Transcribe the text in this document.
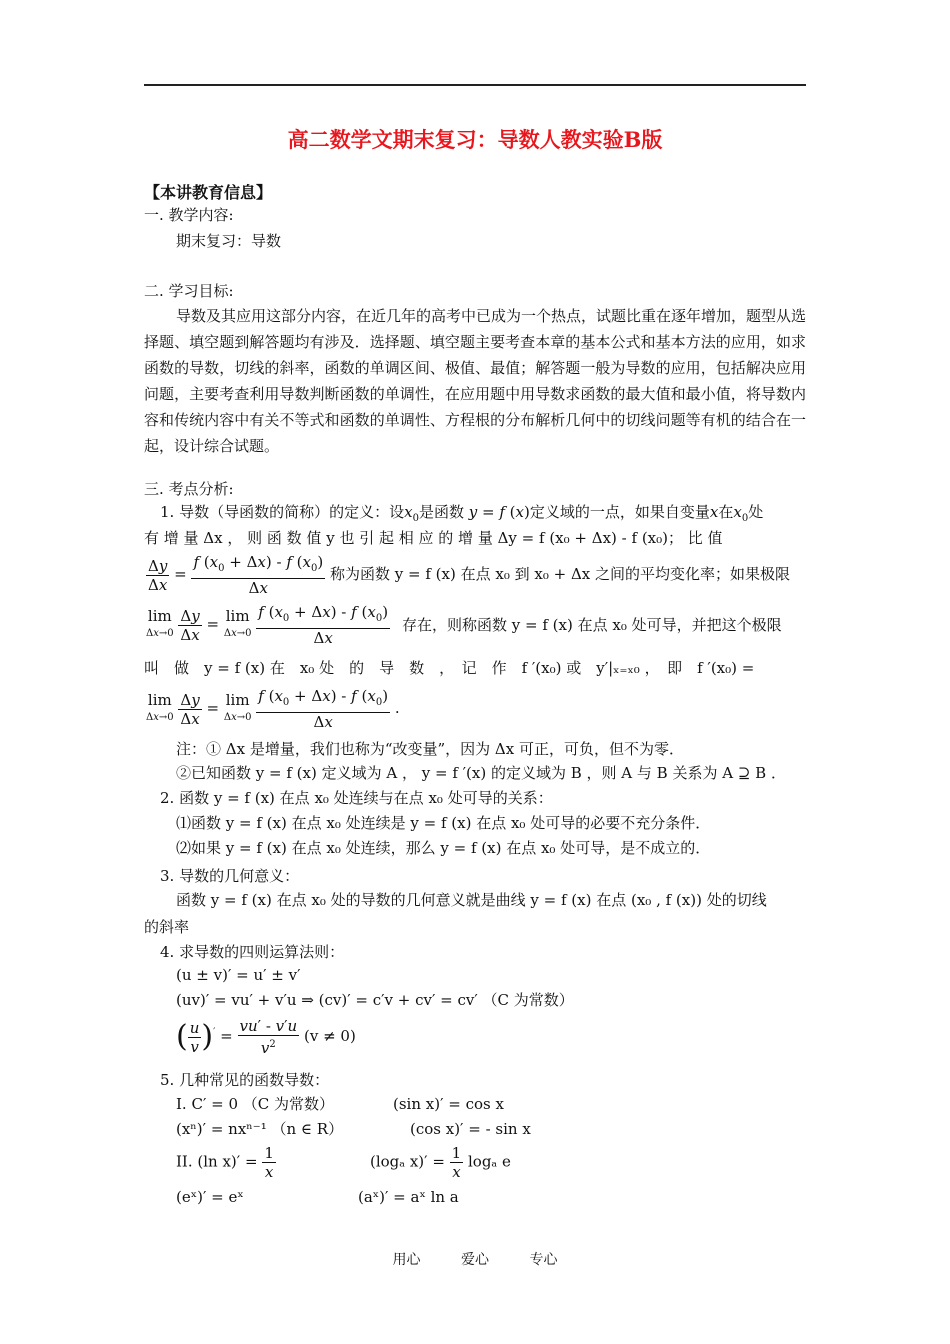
高二数学文期末复习：导数人教实验B版
【本讲教育信息】
一. 教学内容:
期末复习：导数
二. 学习目标:
导数及其应用这部分内容，在近几年的高考中已成为一个热点，试题比重在逐年增加，题型从选择题、填空题到解答题均有涉及．选择题、填空题主要考查本章的基本公式和基本方法的应用，如求函数的导数，切线的斜率，函数的单调区间、极值、最值；解答题一般为导数的应用，包括解决应用问题，主要考查利用导数判断函数的单调性，在应用题中用导数求函数的最大值和最小值，将导数内容和传统内容中有关不等式和函数的单调性、方程根的分布解析几何中的切线问题等有机的结合在一起，设计综合试题。
三. 考点分析:
1. 导数（导函数的简称）的定义：设$x_0$是函数 y = f (x)定义域的一点，如果自变量x在$x_0$处
有 增 量 Δx ， 则 函 数 值 y 也 引 起 相 应 的 增 量 Δy = f (x₀ + Δx) - f (x₀)； 比 值
$\frac{\Delta y}{\Delta x} = \frac{f (x_0 + \Delta x) - f (x_0)}{\Delta x}$ 称为函数 y = f (x) 在点 x₀ 到 x₀ + Δx 之间的平均变化率；如果极限
lim
Δx→0
$\frac{\Delta y}{\Delta x} = \lim$
Δx→0
$\frac{f (x_0 + \Delta x) - f (x_0)}{\Delta x}$ 存在，则称函数 y = f (x) 在点 x₀ 处可导，并把这个极限
叫　做　y = f (x) 在　x₀ 处　的　导　数　，　记　作　f ′(x₀) 或　y′|ₓ₌ₓ₀ ，　即　f ′(x₀) =
lim
Δx→0
$\frac{\Delta y}{\Delta x} = \lim$
Δx→0
$\frac{f (x_0 + \Delta x) - f (x_0)}{\Delta x}$ .
注：① Δx 是增量，我们也称为“改变量”，因为 Δx 可正，可负，但不为零．
②已知函数 y = f (x) 定义域为 A ， y = f ′(x) 的定义域为 B ，则 A 与 B 关系为 A ⊇ B ．
2. 函数 y = f (x) 在点 x₀ 处连续与在点 x₀ 处可导的关系：
⑴函数 y = f (x) 在点 x₀ 处连续是 y = f (x) 在点 x₀ 处可导的必要不充分条件．
⑵如果 y = f (x) 在点 x₀ 处连续，那么 y = f (x) 在点 x₀ 处可导，是不成立的．
3. 导数的几何意义：
函数 y = f (x) 在点 x₀ 处的导数的几何意义就是曲线 y = f (x) 在点 (x₀ , f (x)) 处的切线
的斜率
4. 求导数的四则运算法则：
(u ± v)′ = u′ ± v′
(uv)′ = vu′ + v′u ⇒ (cv)′ = c′v + cv′ = cv′ （C 为常数）
( $\frac{u}{v} )' = \frac{vu' - v'u}{v^2} (v \ne 0)$
5. 几种常见的函数导数：
I. C′ = 0 （C 为常数）	(sin x)′ = cos x
(xⁿ)′ = nxⁿ⁻¹ （n ∈ R）	(cos x)′ = - sin x
II. (ln $x)' = \frac{1}{x}$	(logₐ $x)' = \frac{1}{x}$ logₐ e
(eˣ)′ = eˣ	(aˣ)′ = aˣ ln a
用心	爱心	专心
